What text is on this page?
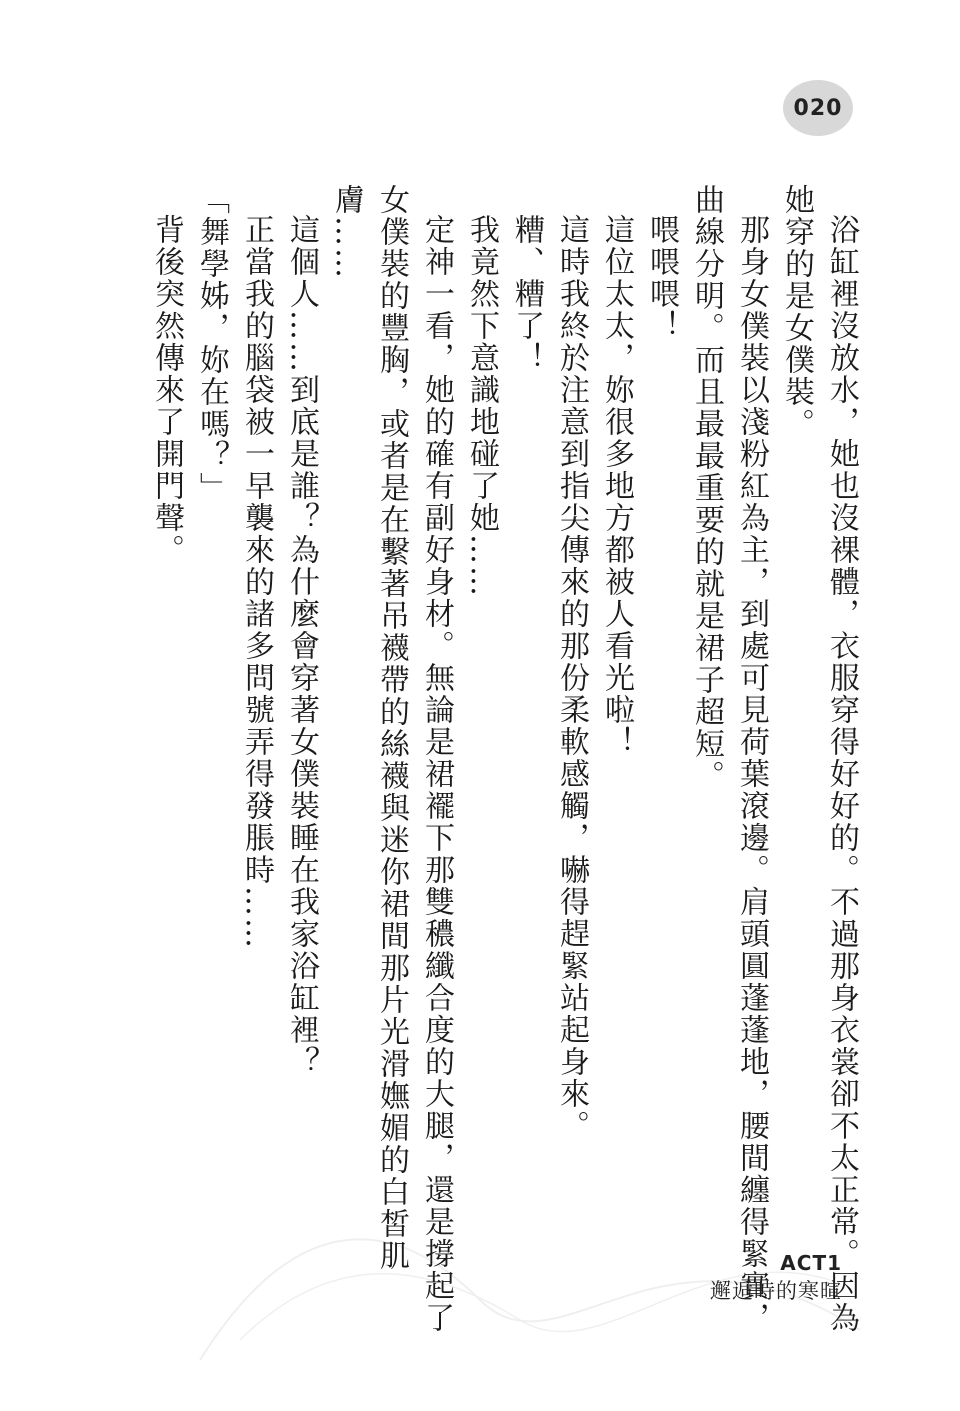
020

浴缸裡沒放水，她也沒裸體，衣服穿得好好的。不過那身衣裳卻不太正常。因為她穿的是女僕裝。

那身女僕裝以淺粉紅為主，到處可見荷葉滾邊。肩頭圓蓬蓬地，腰間纏得緊實，曲線分明。而且最最重要的就是裙子超短。

喂喂喂！

這位太太，妳很多地方都被人看光啦！

這時我終於注意到指尖傳來的那份柔軟感觸，嚇得趕緊站起身來。

糟、糟了！

我竟然下意識地碰了她……

定神一看，她的確有副好身材。無論是裙襬下那雙穠纖合度的大腿，還是撐起了女僕裝的豐胸，或者是在繫著吊襪帶的絲襪與迷你裙間那片光滑嫵媚的白皙肌膚……

這個人……到底是誰？為什麼會穿著女僕裝睡在我家浴缸裡？

正當我的腦袋被一早襲來的諸多問號弄得發脹時……

「舞學姊，妳在嗎？」

背後突然傳來了開門聲。

ACT1
邂逅時的寒暄
